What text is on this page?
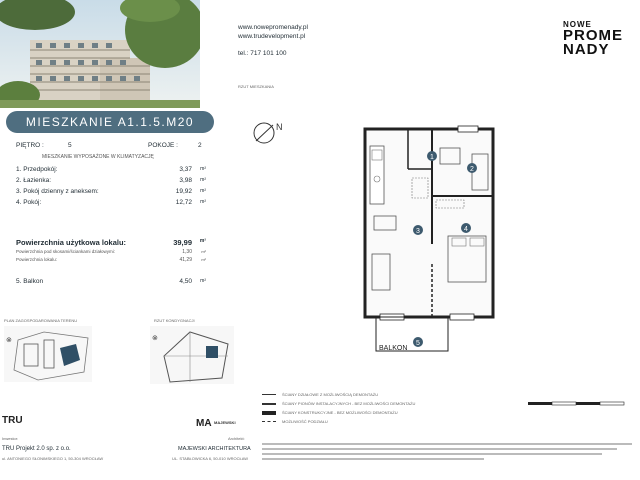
MIESZKANIE A1.1.5.M20
PIĘTRO :	5	POKOJE :	2
MIESZKANIE WYPOSAŻONE W KLIMATYZACJĘ
1. Przedpokój:	3,37	m²
2. Łazienka:	3,98	m²
3. Pokój dzienny z aneksem:	19,92	m²
4. Pokój:	12,72	m²
Powierzchnia użytkowa lokalu:	39,99	m²
Powierzchnia pod skosami/ściankami działowymi:	1,30	m²
Powierzchnia lokalu:	41,29	m²
5. Balkon	4,50	m²
www.nowepromenady.pl
www.trudevelopment.pl
tel.: 717 101 100
NOWE
PROME
NADY
RZUT MIESZKANIA
N
1
2
3	4
5
BALKON
PLAN ZAGOSPODAROWANIA TERENU
⊗
RZUT KONDYGNACJI
⊗
ŚCIANY DZIAŁOWE Z MOŻLIWOŚCIĄ DEMONTAŻU
ŚCIANY PIONÓW INSTALACYJNYCH - BEZ MOŻLIWOŚCI DEMONTAŻU
ŚCIANY KONSTRUKCYJNE - BEZ MOŻLIWOŚCI DEMONTAŻU
MOŻLIWOŚĆ PODZIAŁU
TRU
Inwestor:
TRU Projekt 2.0 sp. z o.o.
ul. ANTONIEGO SŁONIMSKIEGO 1, 50-304 WROCŁAW
MA MAJEWSKI
Architekt:
MAJEWSKI ARCHITEKTURA
UL. STABŁOWICKA 6, 50-010 WROCŁAW
